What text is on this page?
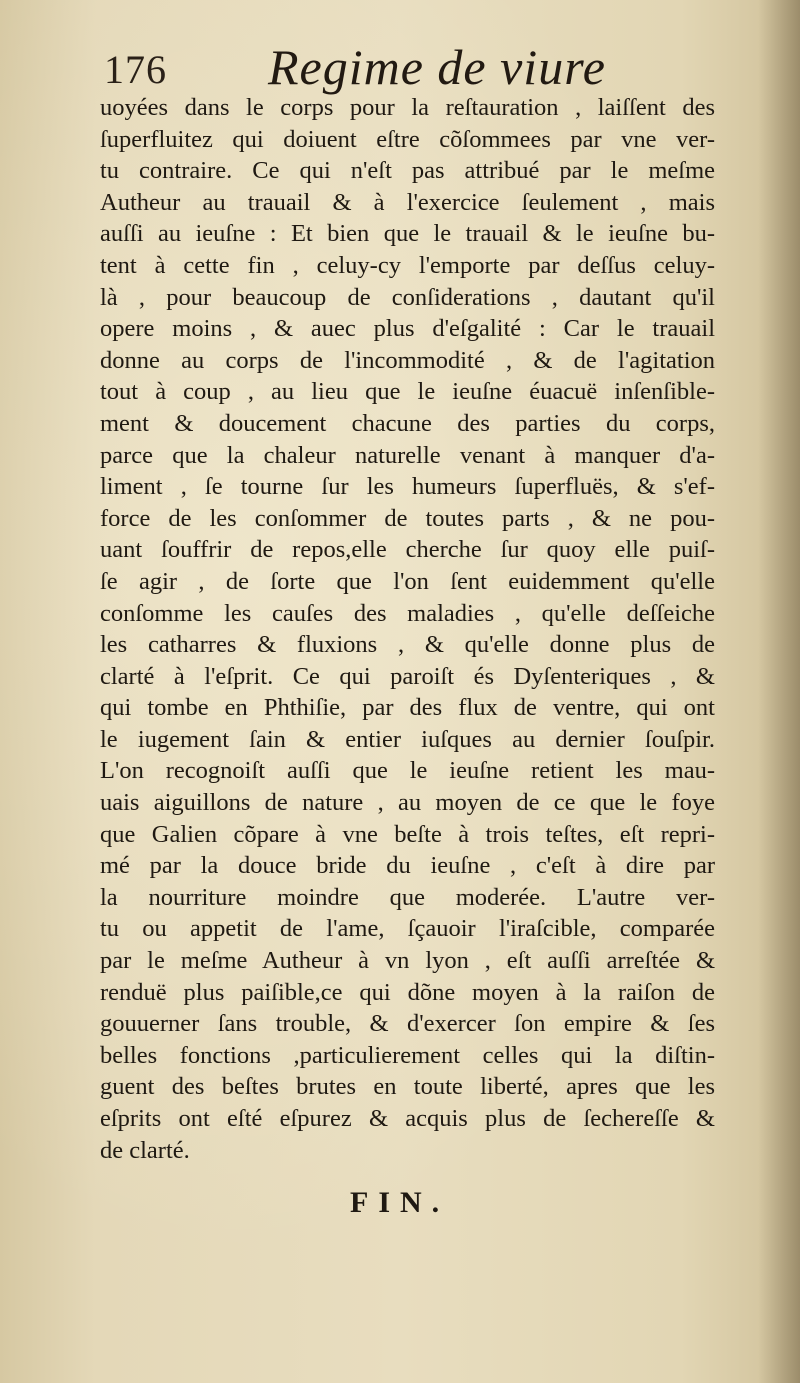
176 Regime de viure
uoyées dans le corps pour la reſtauration , laiſſent des
ſuperfluitez qui doiuent eſtre cõſommees par vne ver-
tu contraire. Ce qui n'eſt pas attribué par le meſme
Autheur au trauail & à l'exercice ſeulement , mais
auſſi au ieuſne : Et bien que le trauail & le ieuſne bu-
tent à cette fin , celuy-cy l'emporte par deſſus celuy-
là , pour beaucoup de conſiderations , dautant qu'il
opere moins , & auec plus d'eſgalité : Car le trauail
donne au corps de l'incommodité , & de l'agitation
tout à coup , au lieu que le ieuſne éuacuë inſenſible-
ment & doucement chacune des parties du corps,
parce que la chaleur naturelle venant à manquer d'a-
liment , ſe tourne ſur les humeurs ſuperfluës, & s'ef-
force de les conſommer de toutes parts , & ne pou-
uant ſouffrir de repos,elle cherche ſur quoy elle puiſ-
ſe agir , de ſorte que l'on ſent euidemment qu'elle
conſomme les cauſes des maladies , qu'elle deſſeiche
les catharres & fluxions , & qu'elle donne plus de
clarté à l'eſprit. Ce qui paroiſt és Dyſenteriques , &
qui tombe en Phthiſie, par des flux de ventre, qui ont
le iugement ſain & entier iuſques au dernier ſouſpir.
L'on recognoiſt auſſi que le ieuſne retient les mau-
uais aiguillons de nature , au moyen de ce que le foye
que Galien cõpare à vne beſte à trois teſtes, eſt repri-
mé par la douce bride du ieuſne , c'eſt à dire par
la nourriture moindre que moderée. L'autre ver-
tu ou appetit de l'ame, ſçauoir l'iraſcible, comparée
par le meſme Autheur à vn lyon , eſt auſſi arreſtée &
renduë plus paiſible,ce qui dõne moyen à la raiſon de
gouuerner ſans trouble, & d'exercer ſon empire & ſes
belles fonctions ,particulierement celles qui la diſtin-
guent des beſtes brutes en toute liberté, apres que les
eſprits ont eſté eſpurez & acquis plus de ſechereſſe &
de clarté.
FIN.
